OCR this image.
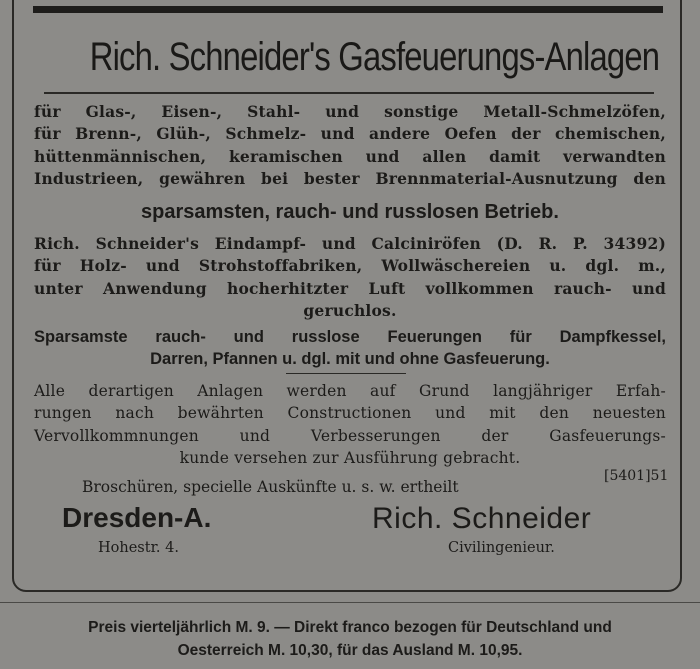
Rich. Schneider's Gasfeuerungs-Anlagen
für Glas-, Eisen-, Stahl- und sonstige Metall-Schmelzöfen,
für Brenn-, Glüh-, Schmelz- und andere Oefen der chemischen,
hüttenmännischen, keramischen und allen damit verwandten
Industrieen, gewähren bei bester Brennmaterial-Ausnutzung den
sparsamsten, rauch- und russlosen Betrieb.
Rich. Schneider's Eindampf- und Calciniröfen (D. R. P. 34392)
für Holz- und Strohstoffabriken, Wollwäschereien u. dgl. m.,
unter Anwendung hocherhitzter Luft vollkommen rauch- und
geruchlos.
Sparsamste rauch- und russlose Feuerungen für Dampfkessel,
Darren, Pfannen u. dgl. mit und ohne Gasfeuerung.
Alle derartigen Anlagen werden auf Grund langjähriger Erfah-
rungen nach bewährten Constructionen und mit den neuesten
Vervollkommnungen und Verbesserungen der Gasfeuerungs-
kunde versehen zur Ausführung gebracht.
[5401]51
Broschüren, specielle Auskünfte u. s. w. ertheilt
Dresden-A.
Hohestr. 4.
Rich. Schneider
Civilingenieur.
Preis vierteljährlich M. 9. — Direkt franco bezogen für Deutschland und
Oesterreich M. 10,30, für das Ausland M. 10,95.
